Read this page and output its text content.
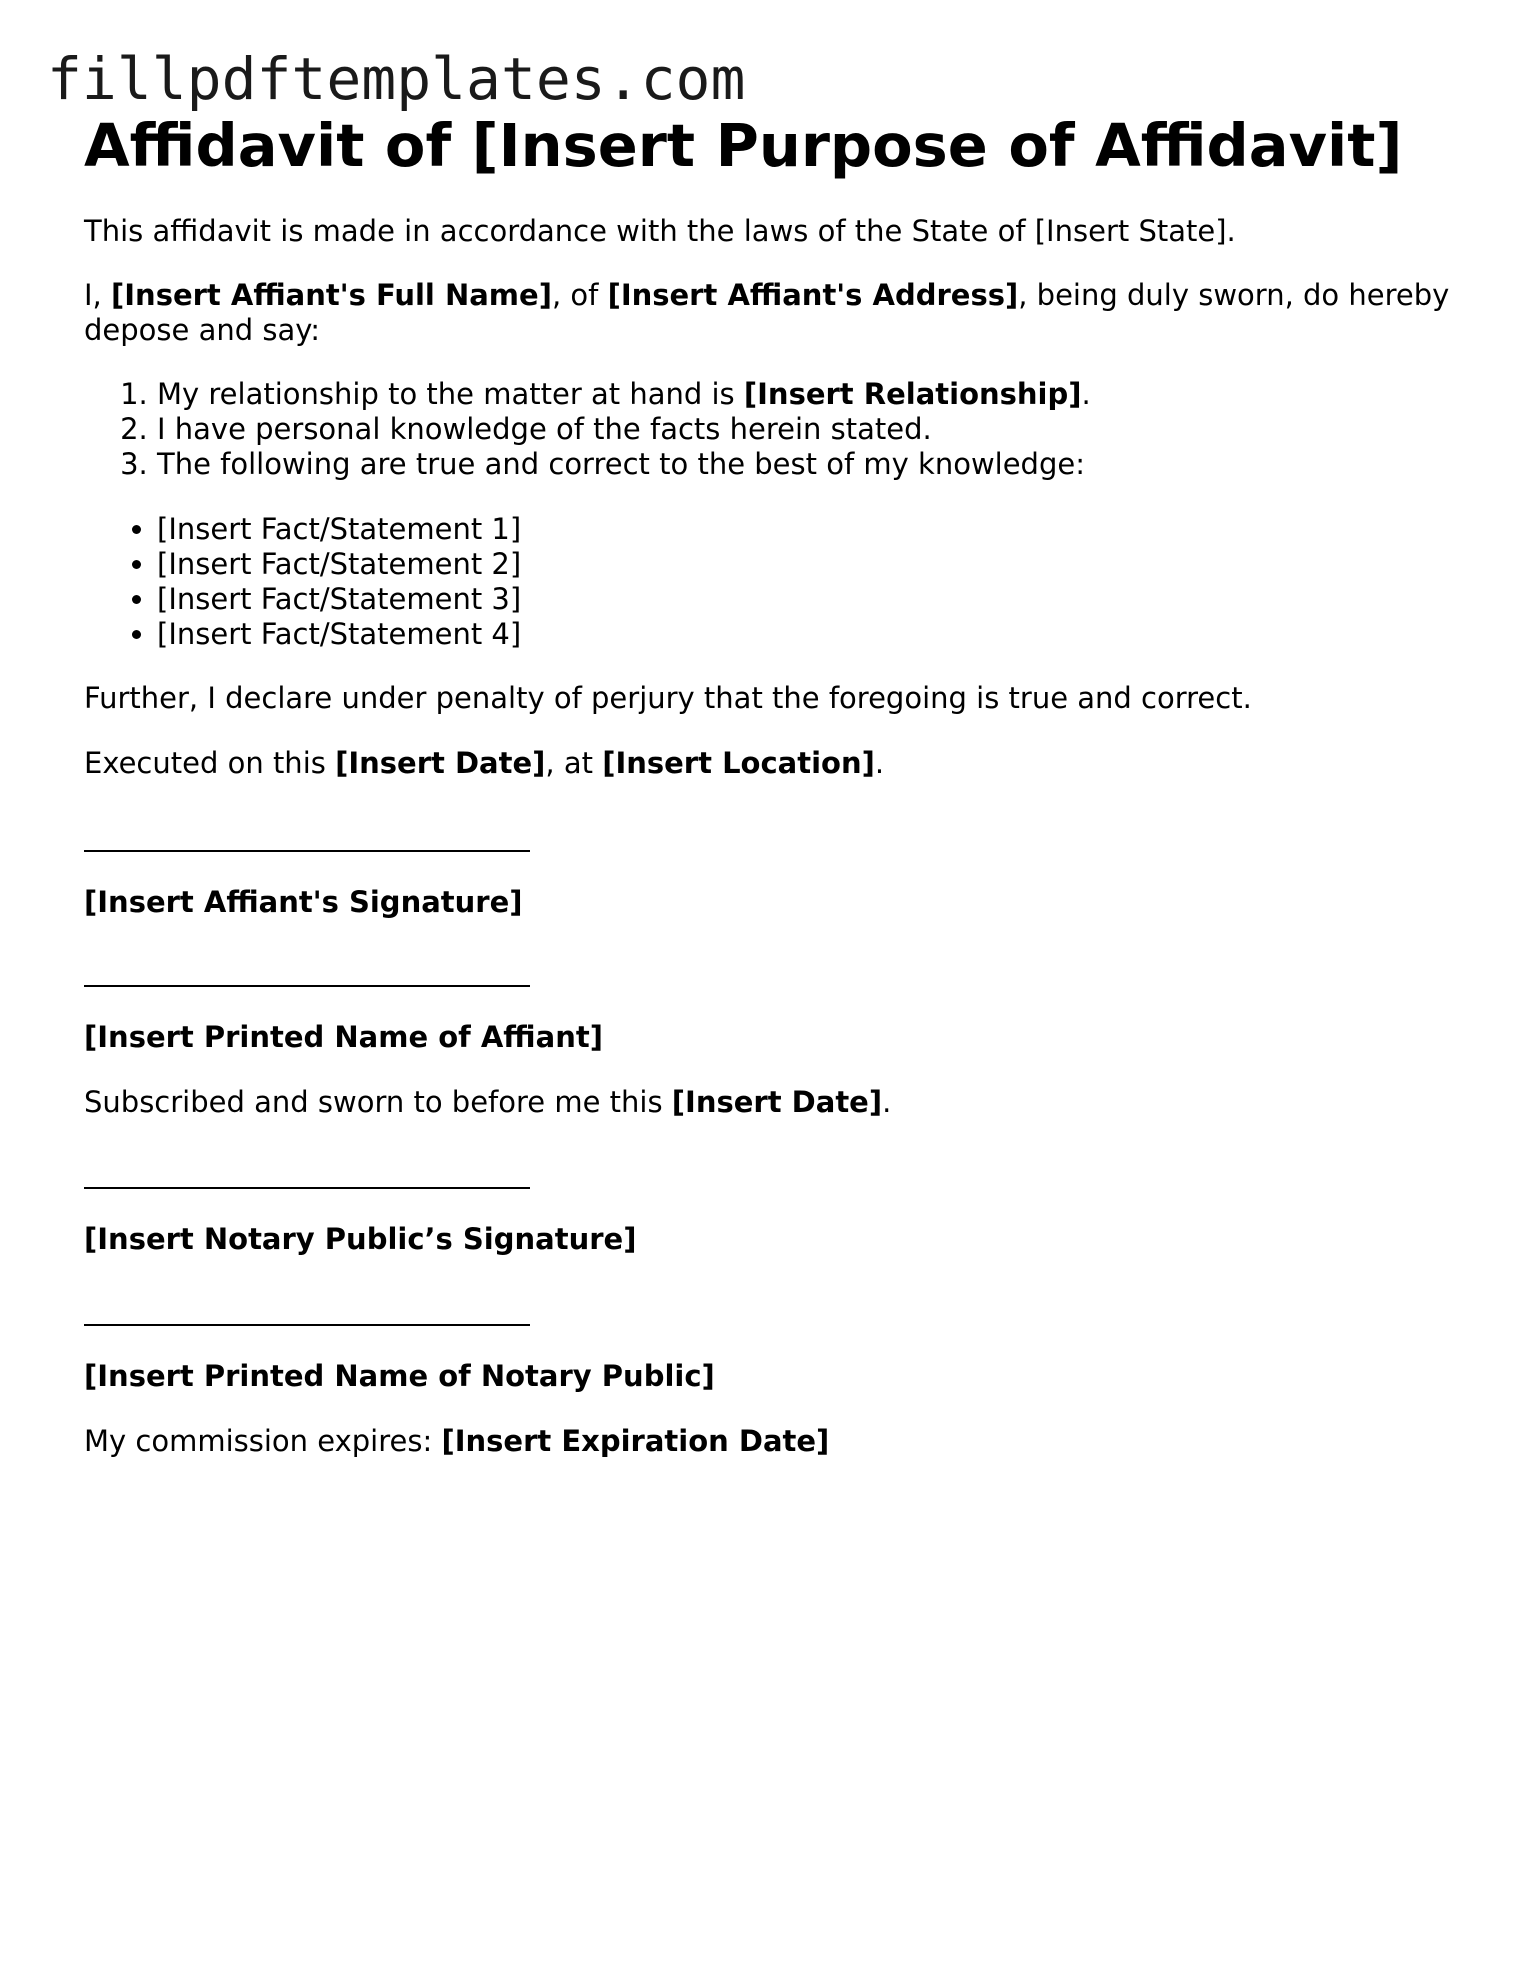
fillpdftemplates.com
Affidavit of [Insert Purpose of Affidavit]

This affidavit is made in accordance with the laws of the State of [Insert State].

I, [Insert Affiant's Full Name], of [Insert Affiant's Address], being duly sworn, do hereby depose and say:

1. My relationship to the matter at hand is [Insert Relationship].
2. I have personal knowledge of the facts herein stated.
3. The following are true and correct to the best of my knowledge:
• [Insert Fact/Statement 1]
• [Insert Fact/Statement 2]
• [Insert Fact/Statement 3]
• [Insert Fact/Statement 4]

Further, I declare under penalty of perjury that the foregoing is true and correct.

Executed on this [Insert Date], at [Insert Location].

[Insert Affiant's Signature]

[Insert Printed Name of Affiant]

Subscribed and sworn to before me this [Insert Date].

[Insert Notary Public’s Signature]

[Insert Printed Name of Notary Public]

My commission expires: [Insert Expiration Date]
